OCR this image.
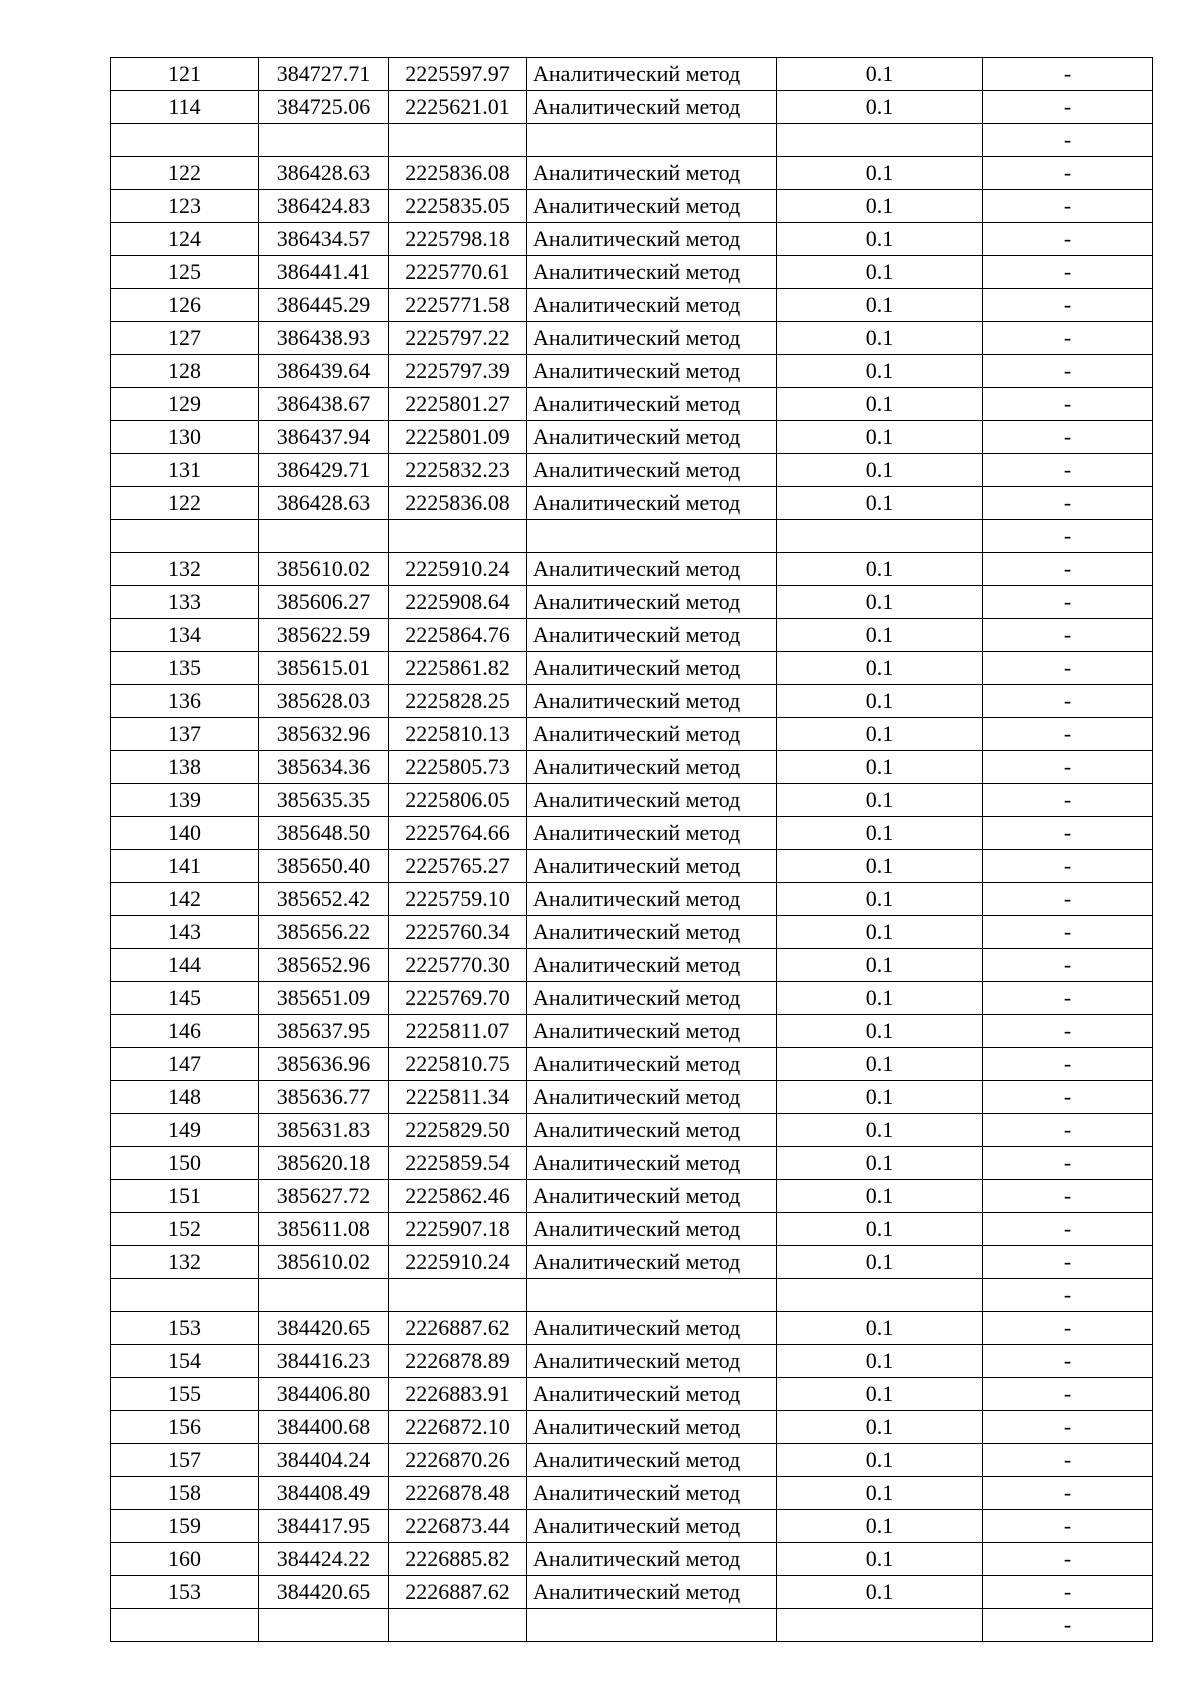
121	384727.71	2225597.97	Аналитический метод	0.1	-
114	384725.06	2225621.01	Аналитический метод	0.1	-
					-
122	386428.63	2225836.08	Аналитический метод	0.1	-
123	386424.83	2225835.05	Аналитический метод	0.1	-
124	386434.57	2225798.18	Аналитический метод	0.1	-
125	386441.41	2225770.61	Аналитический метод	0.1	-
126	386445.29	2225771.58	Аналитический метод	0.1	-
127	386438.93	2225797.22	Аналитический метод	0.1	-
128	386439.64	2225797.39	Аналитический метод	0.1	-
129	386438.67	2225801.27	Аналитический метод	0.1	-
130	386437.94	2225801.09	Аналитический метод	0.1	-
131	386429.71	2225832.23	Аналитический метод	0.1	-
122	386428.63	2225836.08	Аналитический метод	0.1	-
					-
132	385610.02	2225910.24	Аналитический метод	0.1	-
133	385606.27	2225908.64	Аналитический метод	0.1	-
134	385622.59	2225864.76	Аналитический метод	0.1	-
135	385615.01	2225861.82	Аналитический метод	0.1	-
136	385628.03	2225828.25	Аналитический метод	0.1	-
137	385632.96	2225810.13	Аналитический метод	0.1	-
138	385634.36	2225805.73	Аналитический метод	0.1	-
139	385635.35	2225806.05	Аналитический метод	0.1	-
140	385648.50	2225764.66	Аналитический метод	0.1	-
141	385650.40	2225765.27	Аналитический метод	0.1	-
142	385652.42	2225759.10	Аналитический метод	0.1	-
143	385656.22	2225760.34	Аналитический метод	0.1	-
144	385652.96	2225770.30	Аналитический метод	0.1	-
145	385651.09	2225769.70	Аналитический метод	0.1	-
146	385637.95	2225811.07	Аналитический метод	0.1	-
147	385636.96	2225810.75	Аналитический метод	0.1	-
148	385636.77	2225811.34	Аналитический метод	0.1	-
149	385631.83	2225829.50	Аналитический метод	0.1	-
150	385620.18	2225859.54	Аналитический метод	0.1	-
151	385627.72	2225862.46	Аналитический метод	0.1	-
152	385611.08	2225907.18	Аналитический метод	0.1	-
132	385610.02	2225910.24	Аналитический метод	0.1	-
					-
153	384420.65	2226887.62	Аналитический метод	0.1	-
154	384416.23	2226878.89	Аналитический метод	0.1	-
155	384406.80	2226883.91	Аналитический метод	0.1	-
156	384400.68	2226872.10	Аналитический метод	0.1	-
157	384404.24	2226870.26	Аналитический метод	0.1	-
158	384408.49	2226878.48	Аналитический метод	0.1	-
159	384417.95	2226873.44	Аналитический метод	0.1	-
160	384424.22	2226885.82	Аналитический метод	0.1	-
153	384420.65	2226887.62	Аналитический метод	0.1	-
					-
